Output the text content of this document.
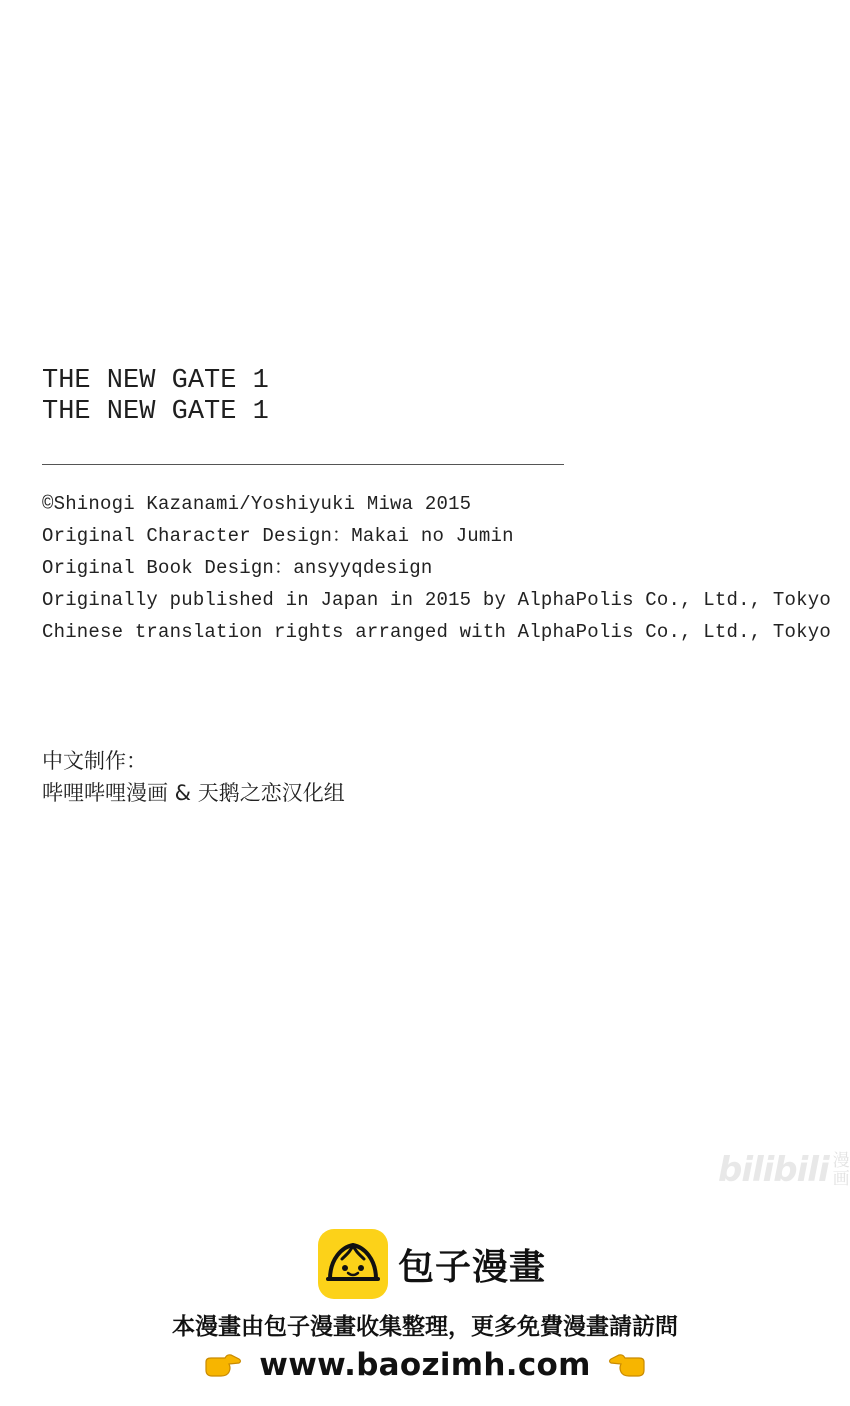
THE NEW GATE 1
THE NEW GATE 1
©Shinogi Kazanami/Yoshiyuki Miwa 2015
Original Character Design：Makai no Jumin
Original Book Design：ansyyqdesign
Originally published in Japan in 2015 by AlphaPolis Co., Ltd., Tokyo
Chinese translation rights arranged with AlphaPolis Co., Ltd., Tokyo
中文制作：
哔哩哔哩漫画 & 天鹅之恋汉化组
bilibili 漫画
包子漫畫
本漫畫由包子漫畫收集整理，更多免費漫畫請訪問
www.baozimh.com
